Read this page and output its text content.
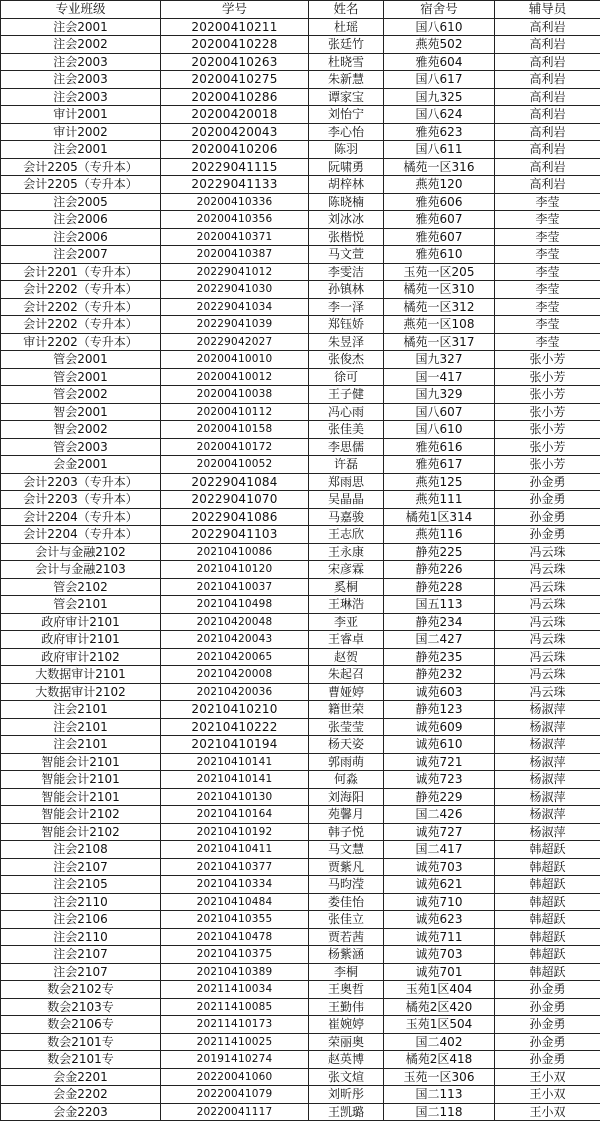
专业班级	学号	姓名	宿舍号	辅导员
注会2001	20200410211	杜瑶	国八610	高利岩
注会2002	20200410228	张廷竹	燕苑502	高利岩
注会2003	20200410263	杜晓雪	雅苑604	高利岩
注会2003	20200410275	朱新慧	国八617	高利岩
注会2003	20200410286	谭家宝	国九325	高利岩
审计2001	20200420018	刘怡宁	国八624	高利岩
审计2002	20200420043	李心怡	雅苑623	高利岩
注会2001	20200410206	陈羽	国八611	高利岩
会计2205（专升本）	20229041115	阮啸勇	橘苑一区316	高利岩
会计2205（专升本）	20229041133	胡梓林	燕苑120	高利岩
注会2005	20200410336	陈晓楠	雅苑606	李莹
注会2006	20200410356	刘冰冰	雅苑607	李莹
注会2006	20200410371	张楷悦	雅苑607	李莹
注会2007	20200410387	马文萱	雅苑610	李莹
会计2201（专升本）	20229041012	李雯洁	玉苑一区205	李莹
会计2202（专升本）	20229041030	孙镇林	橘苑一区310	李莹
会计2202（专升本）	20229041034	李一泽	橘苑一区312	李莹
会计2202（专升本）	20229041039	郑钰娇	燕苑一区108	李莹
审计2202（专升本）	20229042027	朱昱泽	橘苑一区317	李莹
管会2001	20200410010	张俊杰	国九327	张小芳
管会2001	20200410012	徐可	国一417	张小芳
管会2002	20200410038	王子健	国九329	张小芳
智会2001	20200410112	冯心雨	国八607	张小芳
智会2002	20200410158	张佳美	国八610	张小芳
管会2003	20200410172	李思儒	雅苑616	张小芳
会金2001	20200410052	许磊	雅苑617	张小芳
会计2203（专升本）	20229041084	郑雨思	燕苑125	孙金勇
会计2203（专升本）	20229041070	吴晶晶	燕苑111	孙金勇
会计2204（专升本）	20229041086	马嘉骏	橘苑1区314	孙金勇
会计2204（专升本）	20229041103	王志欣	燕苑116	孙金勇
会计与金融2102	20210410086	王永康	静苑225	冯云珠
会计与金融2103	20210410120	宋彦霖	静苑226	冯云珠
管会2102	20210410037	奚桐	静苑228	冯云珠
管会2101	20210410498	王琳浩	国五113	冯云珠
政府审计2101	20210420048	李亚	静苑234	冯云珠
政府审计2101	20210420043	王睿卓	国二427	冯云珠
政府审计2102	20210420065	赵贺	静苑235	冯云珠
大数据审计2101	20210420008	朱起召	静苑232	冯云珠
大数据审计2102	20210420036	曹娅婷	诚苑603	冯云珠
注会2101	20210410210	籍世荣	静苑123	杨淑萍
注会2101	20210410222	张莹莹	诚苑609	杨淑萍
注会2101	20210410194	杨天姿	诚苑610	杨淑萍
智能会计2101	20210410141	郭雨萌	诚苑721	杨淑萍
智能会计2101	20210410141	何淼	诚苑723	杨淑萍
智能会计2101	20210410130	刘海阳	静苑229	杨淑萍
智能会计2102	20210410164	苑馨月	国二426	杨淑萍
智能会计2102	20210410192	韩子悦	诚苑727	杨淑萍
注会2108	20210410411	马文慧	国二417	韩超跃
注会2107	20210410377	贾紫凡	诚苑703	韩超跃
注会2105	20210410334	马昀滢	诚苑621	韩超跃
注会2110	20210410484	娄佳怡	诚苑710	韩超跃
注会2106	20210410355	张佳立	诚苑623	韩超跃
注会2110	20210410478	贾若茜	诚苑711	韩超跃
注会2107	20210410375	杨紫涵	诚苑703	韩超跃
注会2107	20210410389	李桐	诚苑701	韩超跃
数会2102专	20211410034	王奥哲	玉苑1区404	孙金勇
数会2103专	20211410085	王勤伟	橘苑2区420	孙金勇
数会2106专	20211410173	崔婉婷	玉苑1区504	孙金勇
数会2101专	20211410025	荣丽奥	国二402	孙金勇
数会2101专	20191410274	赵英博	橘苑2区418	孙金勇
会金2201	20220041060	张文煊	玉苑一区306	王小双
会金2202	20220041079	刘昕彤	国二113	王小双
会金2203	20220041117	王凯璐	国二118	王小双
